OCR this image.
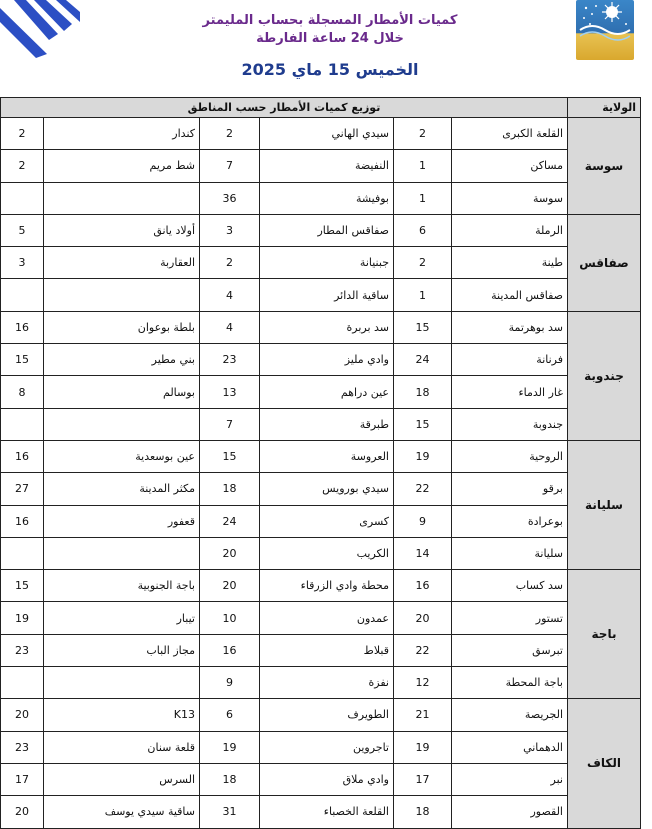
كميات الأمطار المسجلة بحساب المليمتر
خلال 24 ساعة الفارطة
الخميس 15 ماي 2025
الولاية	توزيع كميات الأمطار حسب المناطق					
سوسة	القلعة الكبرى	2	سيدي الهاني	2	كندار	2
	مساكن	1	النفيضة	7	شط مريم	2
	سوسة	1	بوفيشة	36		
صفاقس	الرملة	6	صفاقس المطار	3	أولاد يانق	5
	طينة	2	جبنيانة	2	العقاربة	3
	صفاقس المدينة	1	ساقية الدائر	4		
جندوبة	سد بوهرتمة	15	سد بربرة	4	بلطة بوعوان	16
	فرنانة	24	وادي مليز	23	بني مطير	15
	غار الدماء	18	عين دراهم	13	بوسالم	8
	جندوبة	15	طبرقة	7		
سليانة	الروحية	19	العروسة	15	عين بوسعدية	16
	برقو	22	سيدي بورويس	18	مكثر المدينة	27
	بوعرادة	9	كسرى	24	قعفور	16
	سليانة	14	الكريب	20		
باجة	سد كساب	16	محطة وادي الزرقاء	20	باجة الجنوبية	15
	تستور	20	عمدون	10	تيبار	19
	تبرسق	22	قبلاط	16	مجاز الباب	23
	باجة المحطة	12	نفزة	9		
الكاف	الجريصة	21	الطويرف	6	K13	20
	الدهماني	19	تاجروين	19	قلعة سنان	23
	نبر	17	وادي ملاق	18	السرس	17
	القصور	18	القلعة الخصباء	31	ساقية سيدي يوسف	20
